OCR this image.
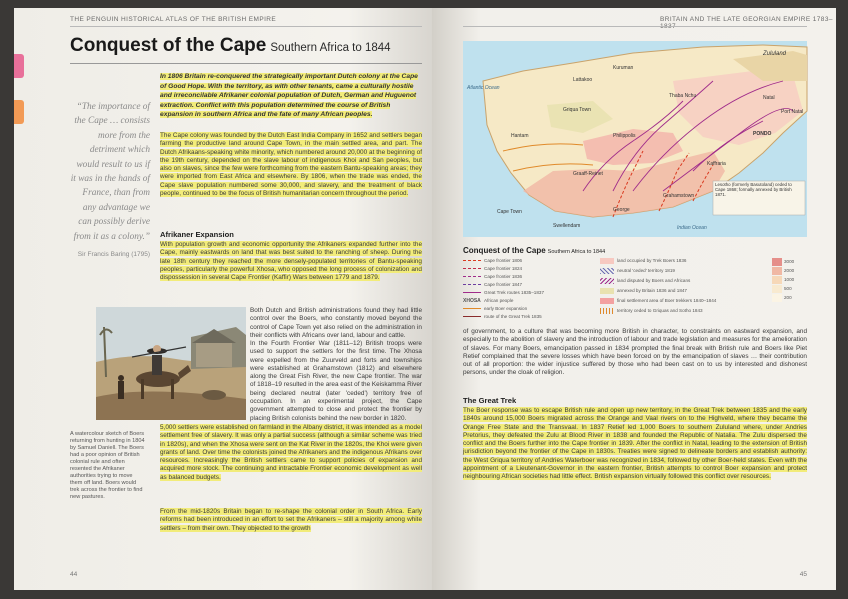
THE PENGUIN HISTORICAL ATLAS OF THE BRITISH EMPIRE
Conquest of the Cape Southern Africa to 1844
In 1806 Britain re-conquered the strategically important Dutch colony at the Cape of Good Hope. With the territory, as with other tenants, came a culturally hostile and irreconcilable Afrikaner colonial population of Dutch, German and Huguenot extraction. Conflict with this population determined the course of British expansion in southern Africa and the fate of many African peoples.
“The importance of the Cape … consists more from the detriment which would result to us if it was in the hands of France, than from any advantage we can possibly derive from it as a colony.”
Sir Francis Baring (1795)
The Cape colony was founded by the Dutch East India Company in 1652 and settlers began farming the productive land around Cape Town, in the main settled area, and part. The Dutch Afrikaans-speaking white minority, which numbered around 20,000 at the beginning of the 19th century, depended on the slave labour of indigenous Khoi and San peoples, but also on slaves, since the few were forthcoming from the eastern Bantu-speaking areas; they were imported from East Africa and elsewhere. By 1806, when the trade was ended, the Cape slave population numbered some 30,000, and slavery, and the treatment of black people, continued to be the focus of British humanitarian concern throughout the period.
Afrikaner Expansion
With population growth and economic opportunity the Afrikaners expanded further into the Cape, mainly eastwards on land that was best suited to the ranching of sheep. During the late 18th century they reached the more densely-populated territories of Bantu-speaking peoples, particularly the powerful Xhosa, who opposed the long process of colonization and dispossession in several Cape Frontier (Kaffir) Wars between 1779 and 1879.
A watercolour sketch of Boers returning from hunting in 1804 by Samuel Daniell. The Boers had a poor opinion of British colonial rule and often resented the Afrikaner authorities trying to move them off land. Boers would trek across the frontier to find new pastures.
Both Dutch and British administrations found they had little control over the Boers, who constantly moved beyond the control of Cape Town yet also relied on the administration in their conflicts with Africans over land, labour and cattle.
In the Fourth Frontier War (1811–12) British troops were used to support the settlers for the first time. The Xhosa were expelled from the Zuurveld and forts and townships were established at Grahamstown (1812) and elsewhere along the Great Fish River, the new Cape frontier. The war of 1818–19 resulted in the area east of the Keiskamma River being declared neutral (later 'ceded') territory free of occupation. In an experimental project, the Cape government attempted to close and protect the frontier by placing British colonists behind the new border in 1820.
5,000 settlers were established on farmland in the Albany district, it was intended as a model settlement free of slavery. It was only a partial success (although a similar scheme was tried in 1820s), and when the Xhosa were sent on the Kat River in the 1820s, the Khoi were given grants of land. Over time the colonists joined the Afrikaners and the indigenous Afrikans over resources. Increasingly the British settlers came to support policies of expansion and acquired more stock. The continuing and intractable Frontier economic development as well as balanced budgets.
From the mid-1820s Britain began to re-shape the colonial order in South Africa. Early reforms had been introduced in an effort to set the Afrikaners – still a majority among white settlers – from their own. They objected to the growth
44
BRITAIN AND THE LATE GEORGIAN EMPIRE 1783–
Lesotho (formerly Basutoland) ceded to Cape 1868; formally annexed by British 1871.
Zululand
Natal
PONDO
Port Natal
Cape Town
Graaff-Reinet
Grahamstown
Lattakoo
Griqua Town
Swellendam
Philippolis
Kuruman
Thaba Nchu
Hantam
George
Kaffraria
Indian Ocean
Atlantic Ocean
Conquest of the Cape Southern Africa to 1844
Cape frontier 1806
Cape frontier 1824
Cape frontier 1836
Cape frontier 1847
Great Trek routes 1835–1837
XHOSA African people
early Boer expansion
route of the Great Trek 1835
land occupied by Trek Boers 1836
neutral 'ceded' territory 1819
land disputed by Boers and Africans
annexed by Britain 1836 and 1847
final settlement area of Boer trekkers 1840–1844
territory ceded to Griquas and Sotho 1843
3000
2000
1000
500
200
of government, to a culture that was becoming more British in character, to constraints on eastward expansion, and especially to the abolition of slavery and the introduction of labour and trade legislation and measures for the amelioration of slaves. For many Boers, emancipation passed in 1834 prompted the final break with British rule and Boers like Piet Retief complained that the severe losses which have been forced on by the emancipation of slaves … their contribution out of all proportion: the wider injustice suffered by those who had been cast on to us by interested and dishonest persons, under the cloak of religion.
The Great Trek
The Boer response was to escape British rule and open up new territory, in the Great Trek between 1835 and the early 1840s around 15,000 Boers migrated across the Orange and Vaal rivers on to the Highveld, where they became the Orange Free State and the Transvaal. In 1837 Retief led 1,000 Boers to southern Zululand where, under Andries Pretorius, they defeated the Zulu at Blood River in 1838 and founded the Republic of Natalia. The Zulu dispersed the conflict and the Boers further into the Cape frontier in 1839. After the conflict in Natal, leading to the extension of British jurisdiction beyond the frontier of the Cape in 1830s. Treaties were signed to delineate borders and establish authority: the West Griqua territory of Andries Waterboer was recognized in 1834, followed by other Boer-held states. Even with the appointment of a Lieutenant-Governor in the eastern frontier, British attempts to control Boer expansion and protect neighbouring African societies had little effect. British expansion virtually followed this conflict over resources.
45
